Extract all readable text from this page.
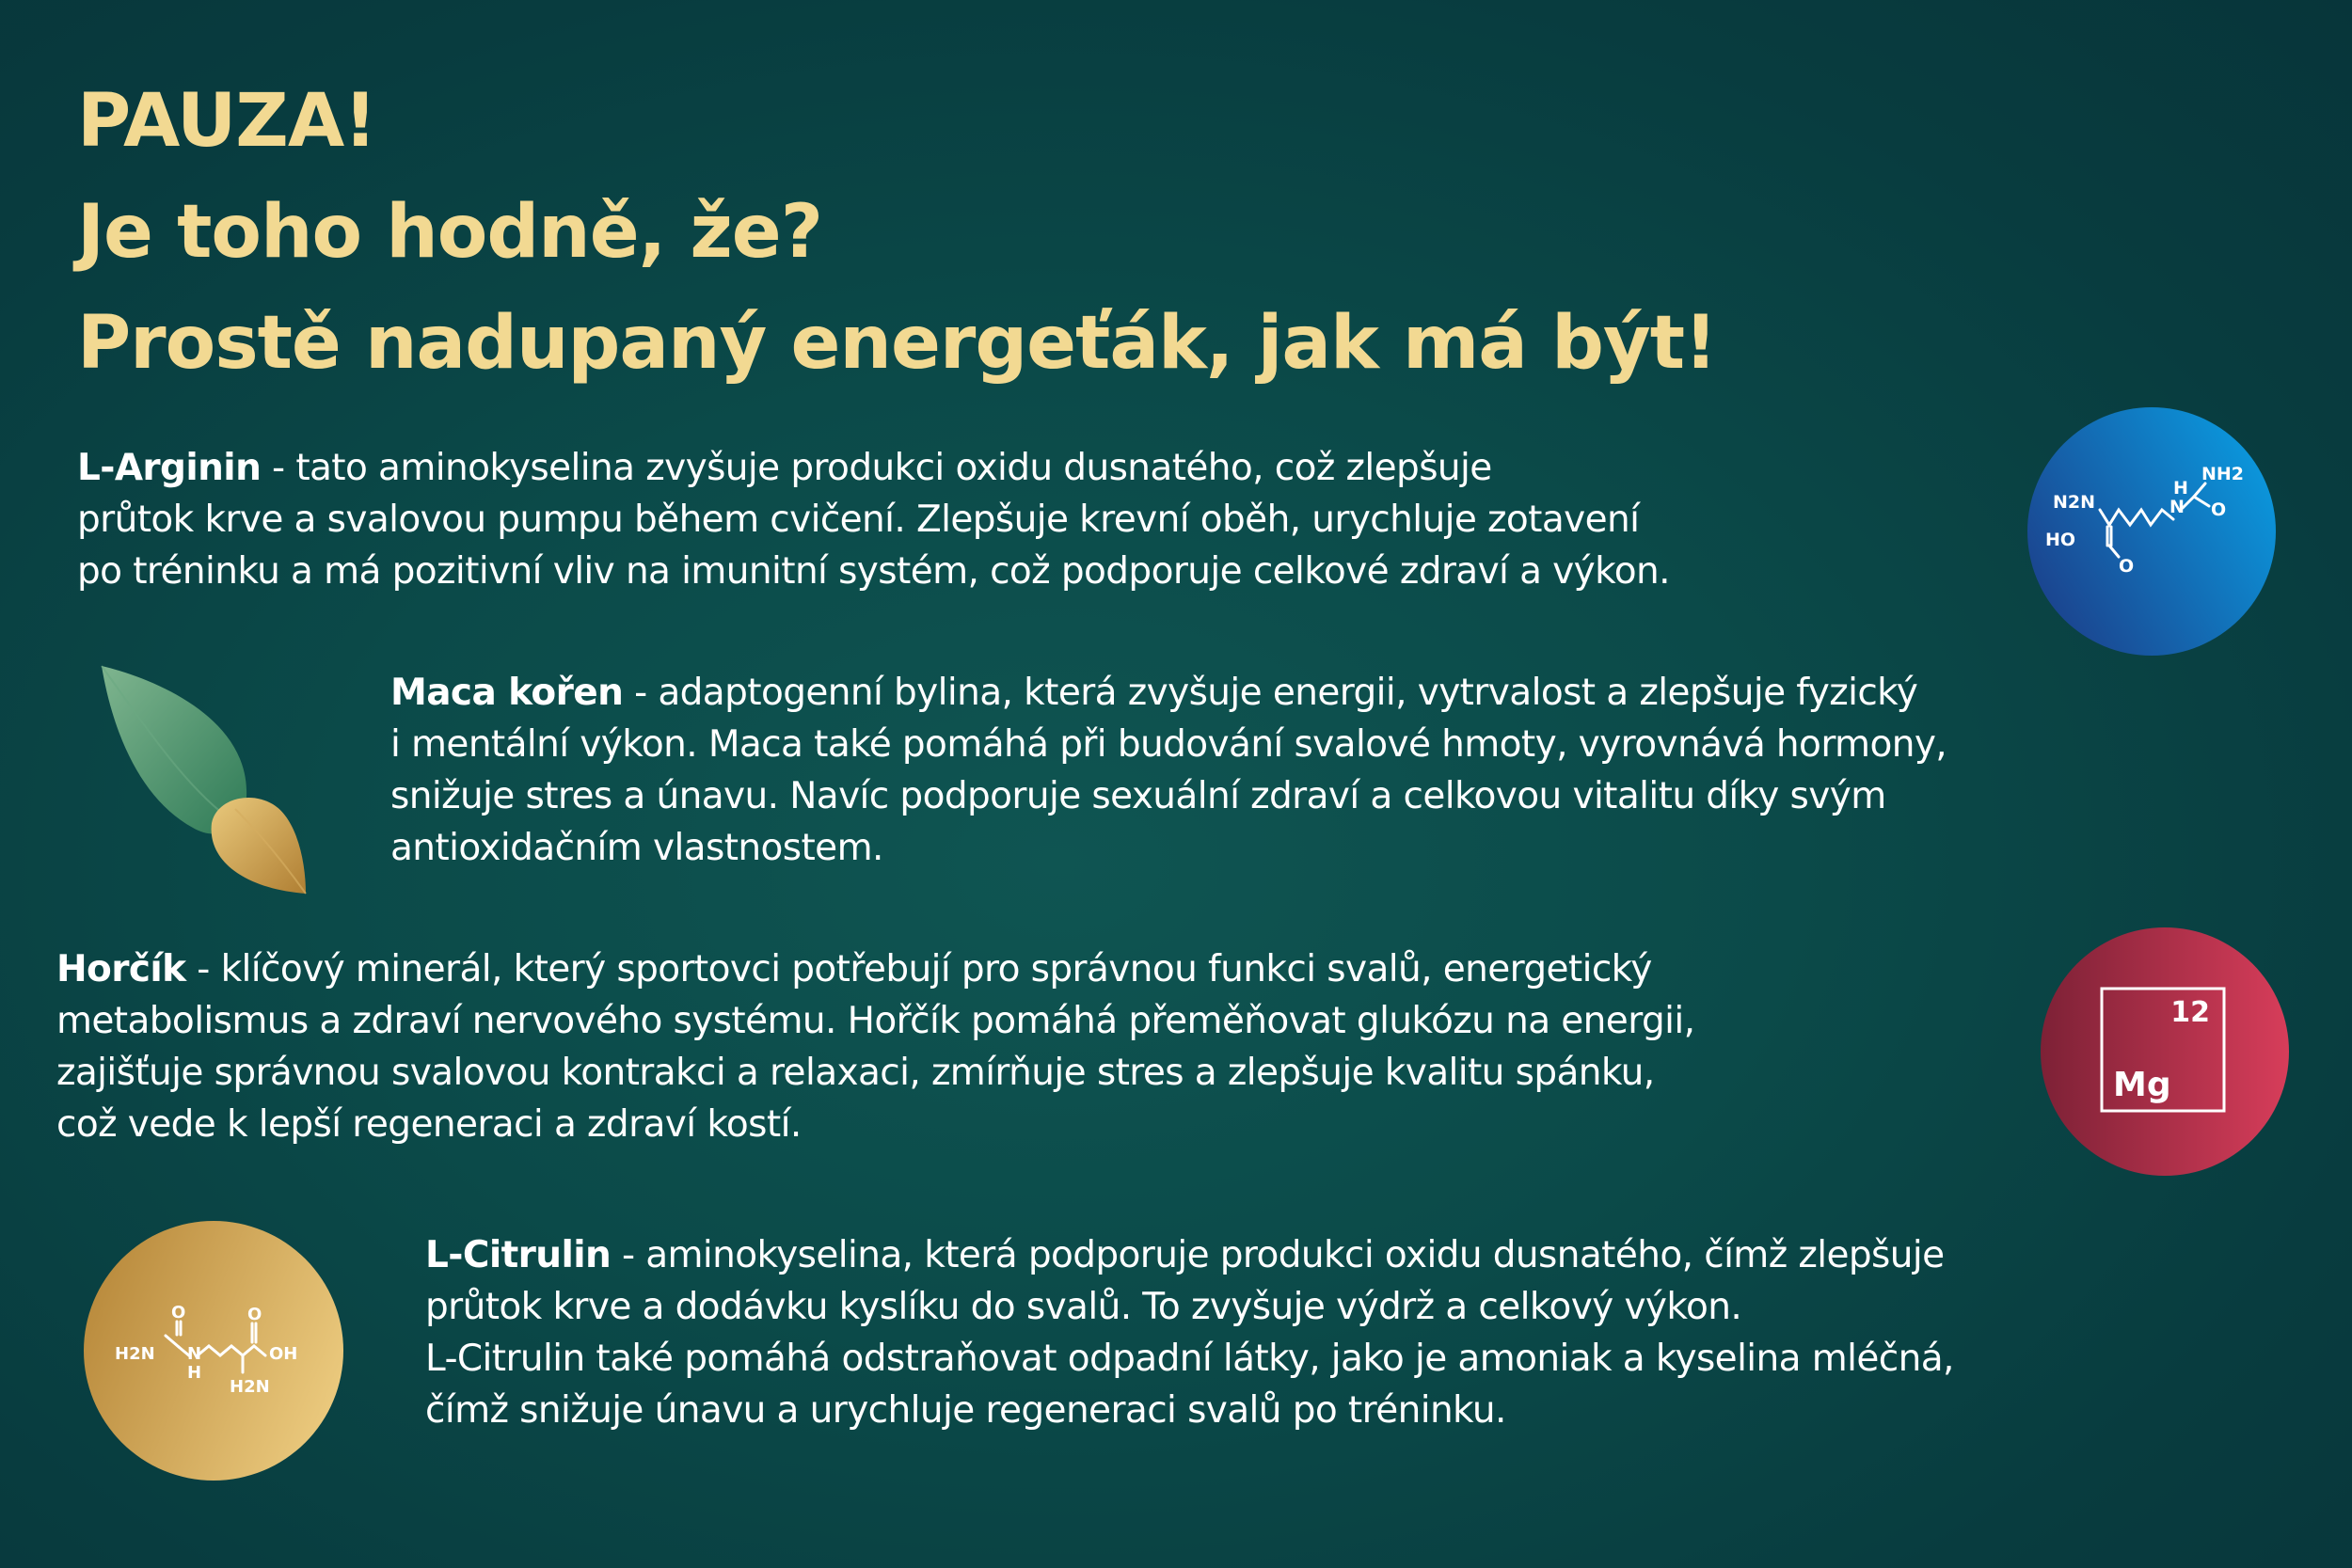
PAUZA!
Je toho hodně, že?
Prostě nadupaný energeťák, jak má být!
L-Arginin - tato aminokyselina zvyšuje produkci oxidu dusnatého, což zlepšuje
průtok krve a svalovou pumpu během cvičení. Zlepšuje krevní oběh, urychluje zotavení
po tréninku a má pozitivní vliv na imunitní systém, což podporuje celkové zdraví a výkon.
NH2
H
N O
N2N
HO
O
Maca kořen - adaptogenní bylina, která zvyšuje energii, vytrvalost a zlepšuje fyzický
i mentální výkon. Maca také pomáhá při budování svalové hmoty, vyrovnává hormony,
snižuje stres a únavu. Navíc podporuje sexuální zdraví a celkovou vitalitu díky svým
antioxidačním vlastnostem.
Horčík - klíčový minerál, který sportovci potřebují pro správnou funkci svalů, energetický
metabolismus a zdraví nervového systému. Hořčík pomáhá přeměňovat glukózu na energii,
zajišťuje správnou svalovou kontrakci a relaxaci, zmírňuje stres a zlepšuje kvalitu spánku,
což vede k lepší regeneraci a zdraví kostí.
12
Mg
O	O
H2N N
H
OH
H2N
L-Citrulin - aminokyselina, která podporuje produkci oxidu dusnatého, čímž zlepšuje
průtok krve a dodávku kyslíku do svalů. To zvyšuje výdrž a celkový výkon.
L-Citrulin také pomáhá odstraňovat odpadní látky, jako je amoniak a kyselina mléčná,
čímž snižuje únavu a urychluje regeneraci svalů po tréninku.
